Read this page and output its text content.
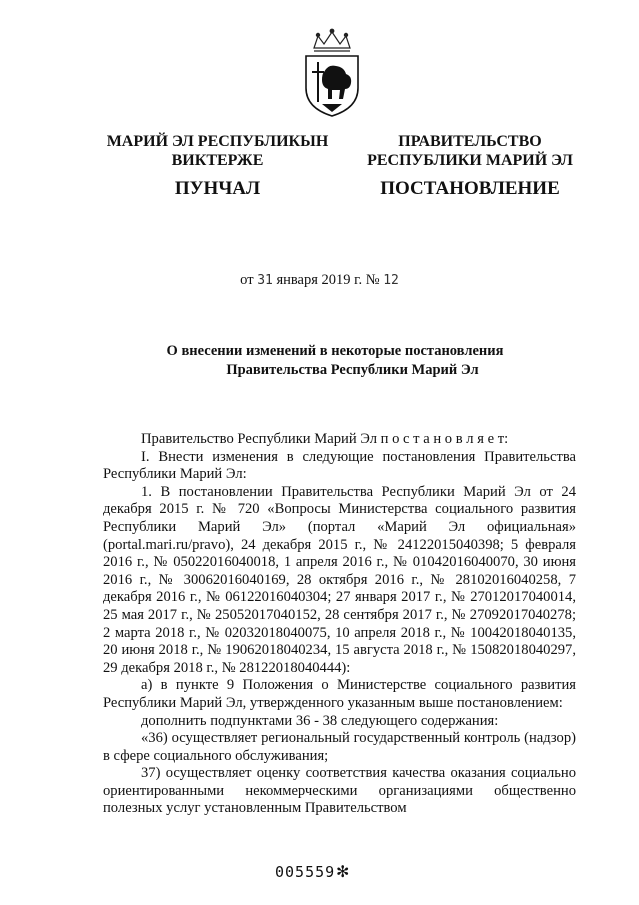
МАРИЙ ЭЛ РЕСПУБЛИКЫН
ВИКТЕРЖЕ
ПУНЧАЛ
ПРАВИТЕЛЬСТВО
РЕСПУБЛИКИ МАРИЙ ЭЛ
ПОСТАНОВЛЕНИЕ
от 31 января 2019 г. № 12
О внесении изменений в некоторые постановления
Правительства Республики Марий Эл

Правительство Республики Марий Эл п о с т а н о в л я е т:

I. Внести изменения в следующие постановления Правительства Республики Марий Эл:

1. В постановлении Правительства Республики Марий Эл от 24 декабря 2015 г. № 720 «Вопросы Министерства социального развития Республики Марий Эл» (портал «Марий Эл официальная» (portal.mari.ru/pravo), 24 декабря 2015 г., № 24122015040398; 5 февраля 2016 г., № 05022016040018, 1 апреля 2016 г., № 01042016040070, 30 июня 2016 г., № 30062016040169, 28 октября 2016 г., № 28102016040258, 7 декабря 2016 г., № 06122016040304; 27 января 2017 г., № 27012017040014, 25 мая 2017 г., № 25052017040152, 28 сентября 2017 г., № 27092017040278; 2 марта 2018 г., № 02032018040075, 10 апреля 2018 г., № 10042018040135, 20 июня 2018 г., № 19062018040234, 15 августа 2018 г., № 15082018040297, 29 декабря 2018 г., № 28122018040444):

а) в пункте 9 Положения о Министерстве социального развития Республики Марий Эл, утвержденного указанным выше постановлением:

дополнить подпунктами 36 - 38 следующего содержания:

«36) осуществляет региональный государственный контроль (надзор) в сфере социального обслуживания;

37) осуществляет оценку соответствия качества оказания социально ориентированными некоммерческими организациями общественно полезных услуг установленным Правительством

005559 ✻
